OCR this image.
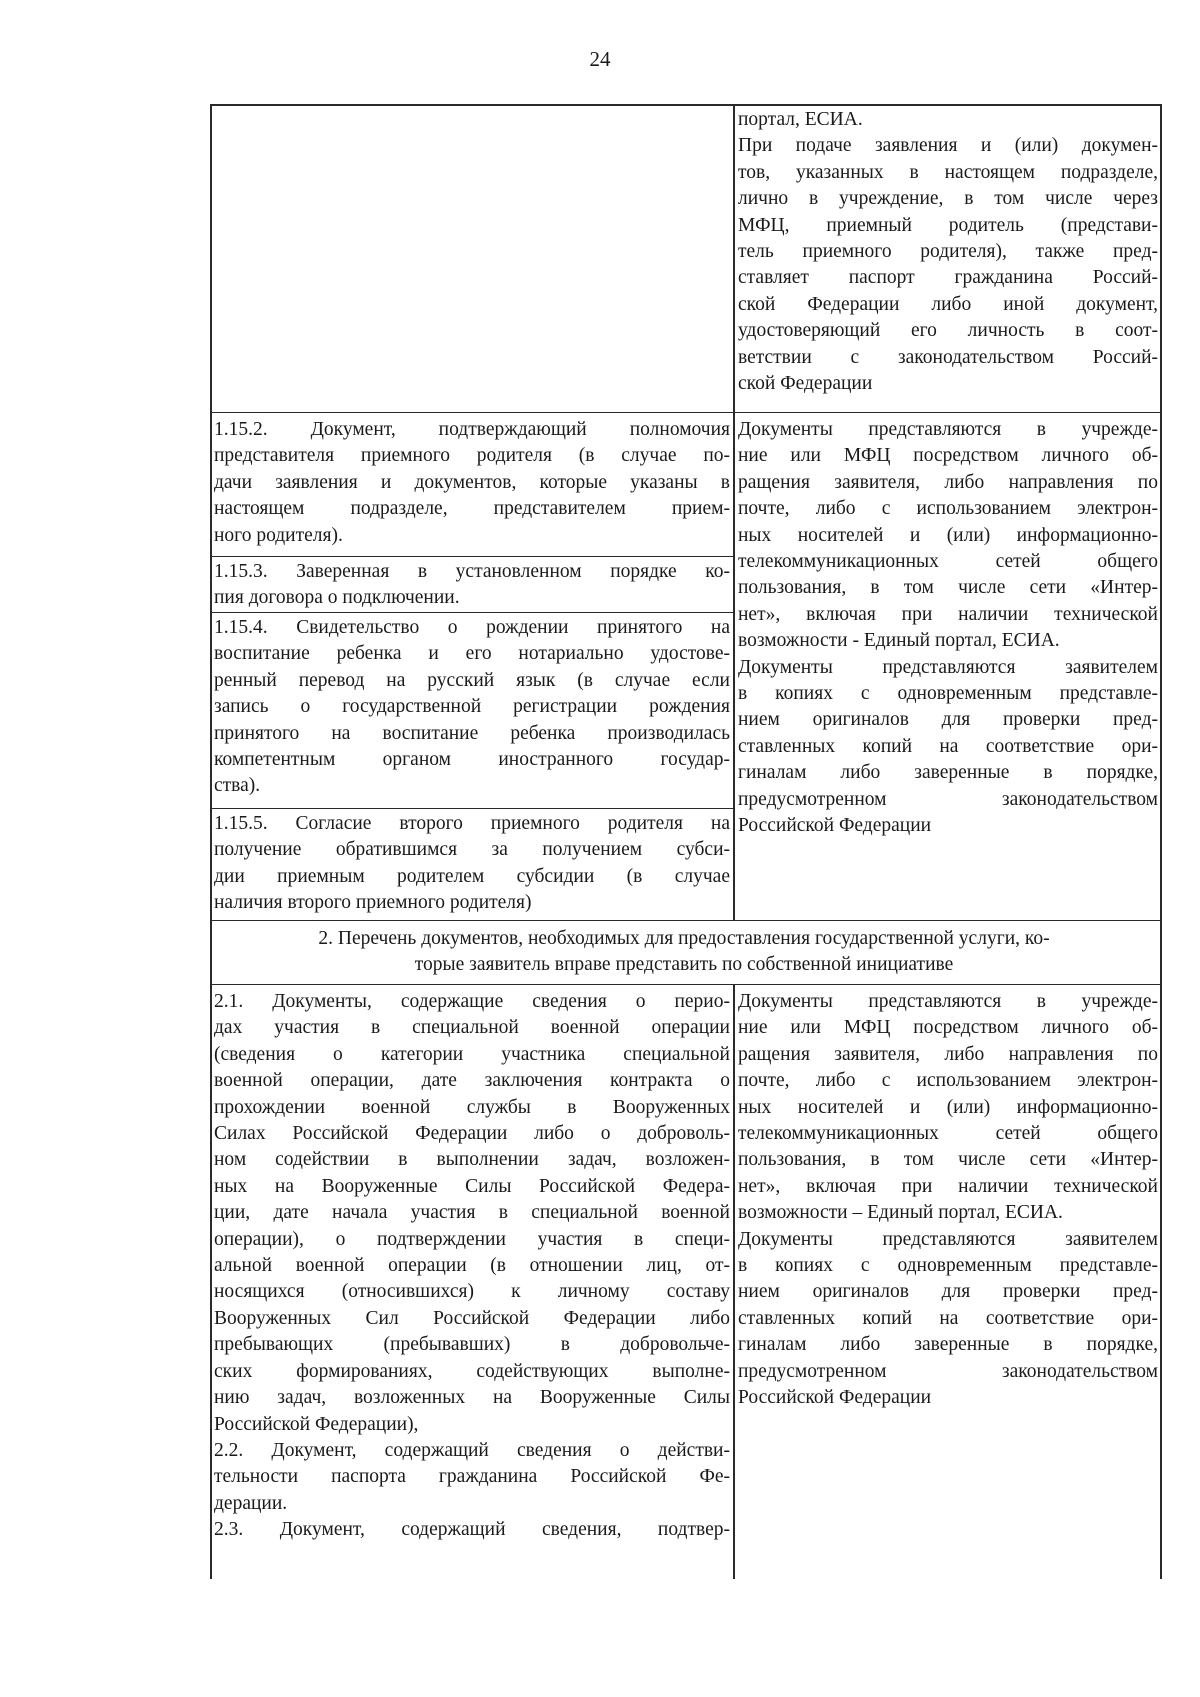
24
портал, ЕСИА.
При подаче заявления и (или) докумен-
тов, указанных в настоящем подразделе,
лично в учреждение, в том числе через
МФЦ, приемный родитель (представи-
тель приемного родителя), также пред-
ставляет паспорт гражданина Россий-
ской Федерации либо иной документ,
удостоверяющий его личность в соот-
ветствии с законодательством Россий-
ской Федерации
1.15.2. Документ, подтверждающий полномочия
представителя приемного родителя (в случае по-
дачи заявления и документов, которые указаны в
настоящем подразделе, представителем прием-
ного родителя).
1.15.3. Заверенная в установленном порядке ко-
пия договора о подключении.
1.15.4. Свидетельство о рождении принятого на
воспитание ребенка и его нотариально удостове-
ренный перевод на русский язык (в случае если
запись о государственной регистрации рождения
принятого на воспитание ребенка производилась
компетентным органом иностранного государ-
ства).
1.15.5. Согласие второго приемного родителя на
получение обратившимся за получением субси-
дии приемным родителем субсидии (в случае
наличия второго приемного родителя)
Документы представляются в учрежде-
ние или МФЦ посредством личного об-
ращения заявителя, либо направления по
почте, либо с использованием электрон-
ных носителей и (или) информационно-
телекоммуникационных сетей общего
пользования, в том числе сети «Интер-
нет», включая при наличии технической
возможности - Единый портал, ЕСИА.
Документы представляются заявителем
в копиях с одновременным представле-
нием оригиналов для проверки пред-
ставленных копий на соответствие ори-
гиналам либо заверенные в порядке,
предусмотренном законодательством
Российской Федерации
2. Перечень документов, необходимых для предоставления государственной услуги, ко-
торые заявитель вправе представить по собственной инициативе
2.1. Документы, содержащие сведения о перио-
дах участия в специальной военной операции
(сведения о категории участника специальной
военной операции, дате заключения контракта о
прохождении военной службы в Вооруженных
Силах Российской Федерации либо о доброволь-
ном содействии в выполнении задач, возложен-
ных на Вооруженные Силы Российской Федера-
ции, дате начала участия в специальной военной
операции), о подтверждении участия в специ-
альной военной операции (в отношении лиц, от-
носящихся (относившихся) к личному составу
Вооруженных Сил Российской Федерации либо
пребывающих (пребывавших) в добровольче-
ских формированиях, содействующих выполне-
нию задач, возложенных на Вооруженные Силы
Российской Федерации),
2.2. Документ, содержащий сведения о действи-
тельности паспорта гражданина Российской Фе-
дерации.
2.3. Документ, содержащий сведения, подтвер-
Документы представляются в учрежде-
ние или МФЦ посредством личного об-
ращения заявителя, либо направления по
почте, либо с использованием электрон-
ных носителей и (или) информационно-
телекоммуникационных сетей общего
пользования, в том числе сети «Интер-
нет», включая при наличии технической
возможности – Единый портал, ЕСИА.
Документы представляются заявителем
в копиях с одновременным представле-
нием оригиналов для проверки пред-
ставленных копий на соответствие ори-
гиналам либо заверенные в порядке,
предусмотренном законодательством
Российской Федерации
